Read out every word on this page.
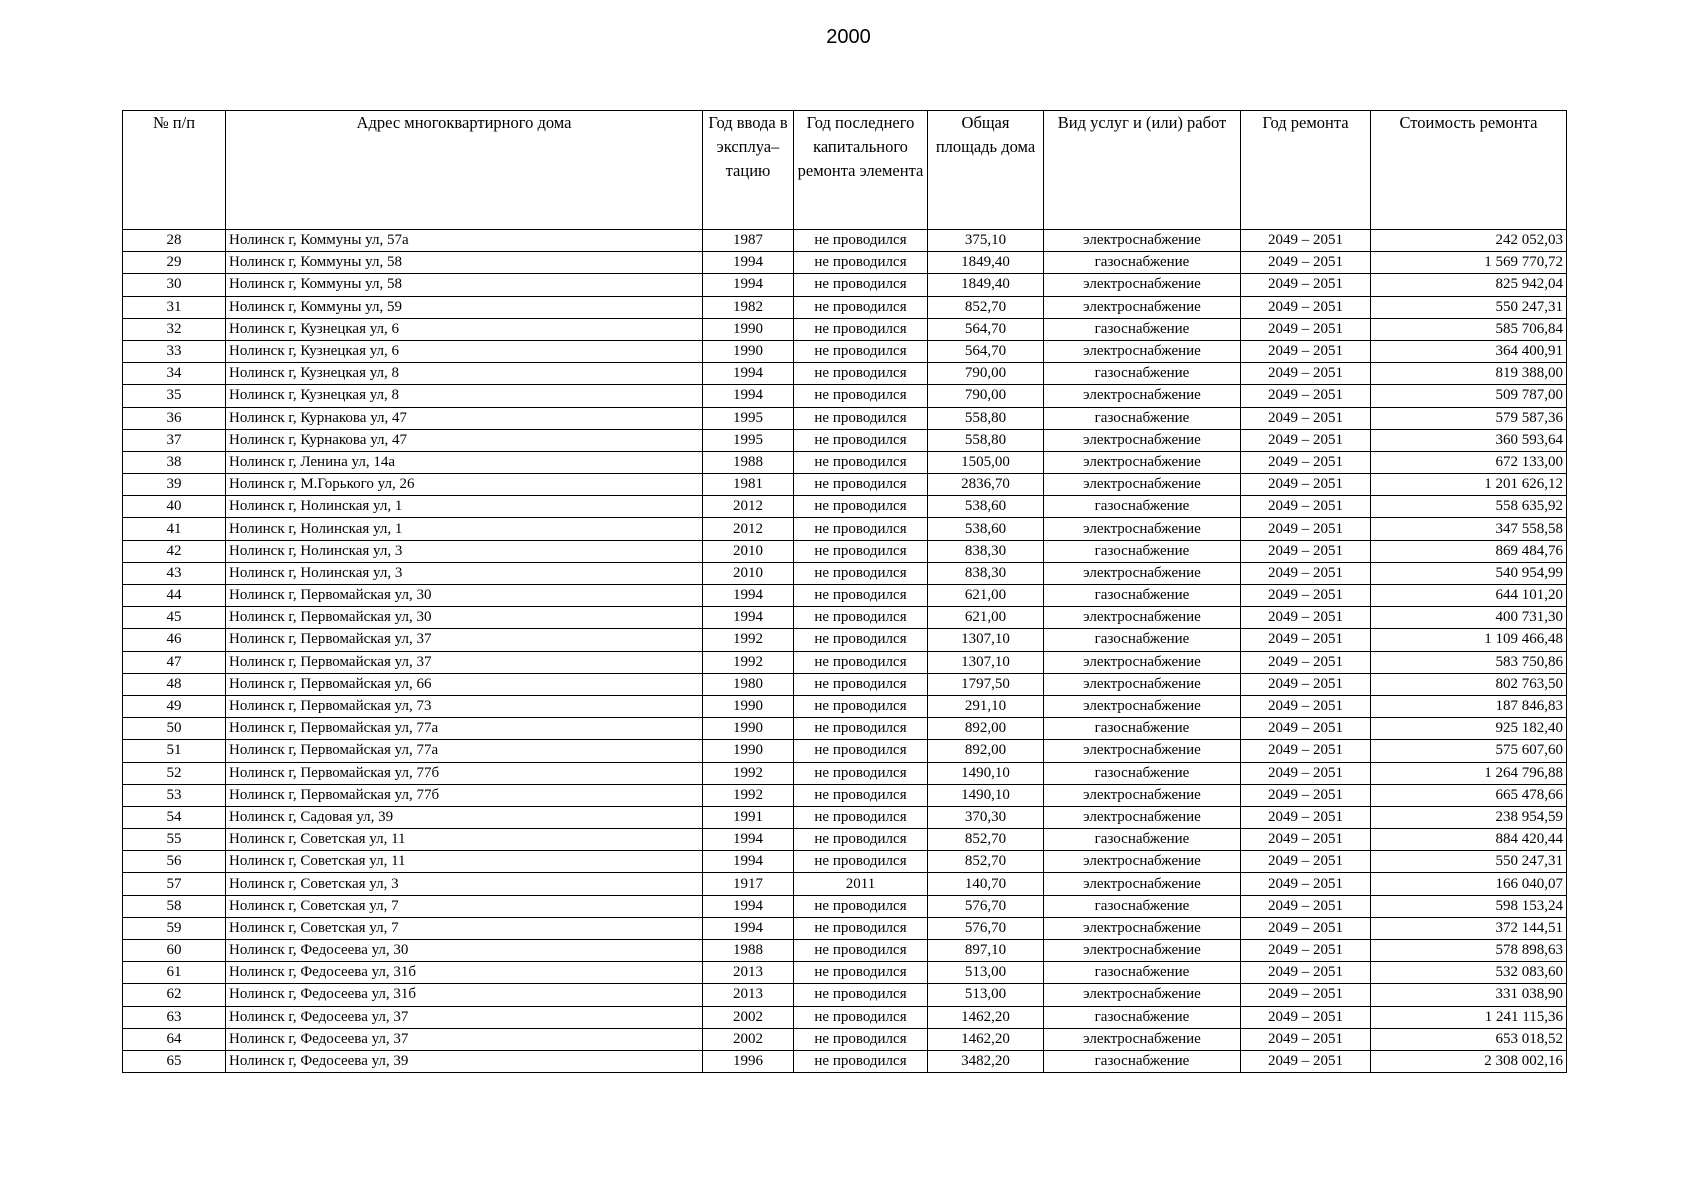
2000
№ п/п	Адрес многоквартирного дома	Год ввода в эксплуа–тацию	Год последнего капитального ремонта элемента	Общая площадь дома	Вид услуг и (или) работ	Год ремонта	Стоимость ремонта
28	Нолинск г, Коммуны ул, 57а	1987	не проводился	375,10	электроснабжение	2049 – 2051	242 052,03
29	Нолинск г, Коммуны ул, 58	1994	не проводился	1849,40	газоснабжение	2049 – 2051	1 569 770,72
30	Нолинск г, Коммуны ул, 58	1994	не проводился	1849,40	электроснабжение	2049 – 2051	825 942,04
31	Нолинск г, Коммуны ул, 59	1982	не проводился	852,70	электроснабжение	2049 – 2051	550 247,31
32	Нолинск г, Кузнецкая ул, 6	1990	не проводился	564,70	газоснабжение	2049 – 2051	585 706,84
33	Нолинск г, Кузнецкая ул, 6	1990	не проводился	564,70	электроснабжение	2049 – 2051	364 400,91
34	Нолинск г, Кузнецкая ул, 8	1994	не проводился	790,00	газоснабжение	2049 – 2051	819 388,00
35	Нолинск г, Кузнецкая ул, 8	1994	не проводился	790,00	электроснабжение	2049 – 2051	509 787,00
36	Нолинск г, Курнакова ул, 47	1995	не проводился	558,80	газоснабжение	2049 – 2051	579 587,36
37	Нолинск г, Курнакова ул, 47	1995	не проводился	558,80	электроснабжение	2049 – 2051	360 593,64
38	Нолинск г, Ленина ул, 14а	1988	не проводился	1505,00	электроснабжение	2049 – 2051	672 133,00
39	Нолинск г, М.Горького ул, 26	1981	не проводился	2836,70	электроснабжение	2049 – 2051	1 201 626,12
40	Нолинск г, Нолинская ул, 1	2012	не проводился	538,60	газоснабжение	2049 – 2051	558 635,92
41	Нолинск г, Нолинская ул, 1	2012	не проводился	538,60	электроснабжение	2049 – 2051	347 558,58
42	Нолинск г, Нолинская ул, 3	2010	не проводился	838,30	газоснабжение	2049 – 2051	869 484,76
43	Нолинск г, Нолинская ул, 3	2010	не проводился	838,30	электроснабжение	2049 – 2051	540 954,99
44	Нолинск г, Первомайская ул, 30	1994	не проводился	621,00	газоснабжение	2049 – 2051	644 101,20
45	Нолинск г, Первомайская ул, 30	1994	не проводился	621,00	электроснабжение	2049 – 2051	400 731,30
46	Нолинск г, Первомайская ул, 37	1992	не проводился	1307,10	газоснабжение	2049 – 2051	1 109 466,48
47	Нолинск г, Первомайская ул, 37	1992	не проводился	1307,10	электроснабжение	2049 – 2051	583 750,86
48	Нолинск г, Первомайская ул, 66	1980	не проводился	1797,50	электроснабжение	2049 – 2051	802 763,50
49	Нолинск г, Первомайская ул, 73	1990	не проводился	291,10	электроснабжение	2049 – 2051	187 846,83
50	Нолинск г, Первомайская ул, 77а	1990	не проводился	892,00	газоснабжение	2049 – 2051	925 182,40
51	Нолинск г, Первомайская ул, 77а	1990	не проводился	892,00	электроснабжение	2049 – 2051	575 607,60
52	Нолинск г, Первомайская ул, 77б	1992	не проводился	1490,10	газоснабжение	2049 – 2051	1 264 796,88
53	Нолинск г, Первомайская ул, 77б	1992	не проводился	1490,10	электроснабжение	2049 – 2051	665 478,66
54	Нолинск г, Садовая ул, 39	1991	не проводился	370,30	электроснабжение	2049 – 2051	238 954,59
55	Нолинск г, Советская ул, 11	1994	не проводился	852,70	газоснабжение	2049 – 2051	884 420,44
56	Нолинск г, Советская ул, 11	1994	не проводился	852,70	электроснабжение	2049 – 2051	550 247,31
57	Нолинск г, Советская ул, 3	1917	2011	140,70	электроснабжение	2049 – 2051	166 040,07
58	Нолинск г, Советская ул, 7	1994	не проводился	576,70	газоснабжение	2049 – 2051	598 153,24
59	Нолинск г, Советская ул, 7	1994	не проводился	576,70	электроснабжение	2049 – 2051	372 144,51
60	Нолинск г, Федосеева ул, 30	1988	не проводился	897,10	электроснабжение	2049 – 2051	578 898,63
61	Нолинск г, Федосеева ул, 31б	2013	не проводился	513,00	газоснабжение	2049 – 2051	532 083,60
62	Нолинск г, Федосеева ул, 31б	2013	не проводился	513,00	электроснабжение	2049 – 2051	331 038,90
63	Нолинск г, Федосеева ул, 37	2002	не проводился	1462,20	газоснабжение	2049 – 2051	1 241 115,36
64	Нолинск г, Федосеева ул, 37	2002	не проводился	1462,20	электроснабжение	2049 – 2051	653 018,52
65	Нолинск г, Федосеева ул, 39	1996	не проводился	3482,20	газоснабжение	2049 – 2051	2 308 002,16
